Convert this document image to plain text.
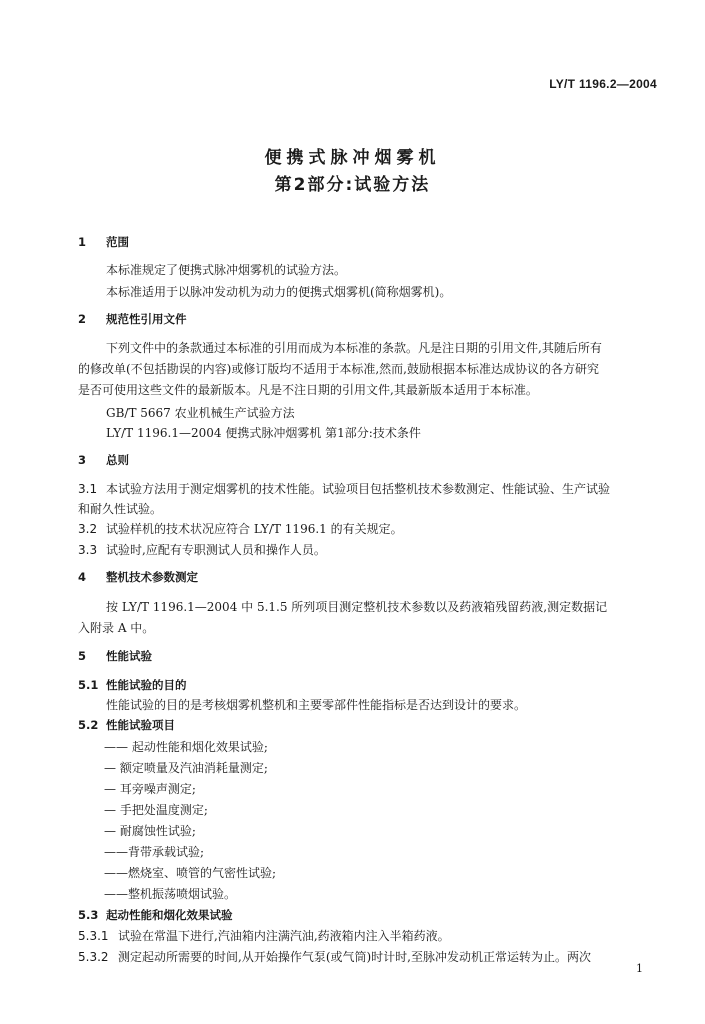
LY/T 1196.2—2004
便携式脉冲烟雾机
第2部分:试验方法
1 范围
本标准规定了便携式脉冲烟雾机的试验方法。
本标准适用于以脉冲发动机为动力的便携式烟雾机(简称烟雾机)。
2 规范性引用文件
下列文件中的条款通过本标准的引用而成为本标准的条款。凡是注日期的引用文件,其随后所有
的修改单(不包括勘误的内容)或修订版均不适用于本标准,然而,鼓励根据本标准达成协议的各方研究
是否可使用这些文件的最新版本。凡是不注日期的引用文件,其最新版本适用于本标准。
GB/T 5667 农业机械生产试验方法
LY/T 1196.1—2004 便携式脉冲烟雾机 第1部分:技术条件
3 总则
3.1 本试验方法用于测定烟雾机的技术性能。试验项目包括整机技术参数测定、性能试验、生产试验
和耐久性试验。
3.2 试验样机的技术状况应符合 LY/T 1196.1 的有关规定。
3.3 试验时,应配有专职测试人员和操作人员。
4 整机技术参数测定
按 LY/T 1196.1—2004 中 5.1.5 所列项目测定整机技术参数以及药液箱残留药液,测定数据记
入附录 A 中。
5 性能试验
5.1 性能试验的目的
性能试验的目的是考核烟雾机整机和主要零部件性能指标是否达到设计的要求。
5.2 性能试验项目
—— 起动性能和烟化效果试验;
— 额定喷量及汽油消耗量测定;
— 耳旁噪声测定;
— 手把处温度测定;
— 耐腐蚀性试验;
——背带承载试验;
——燃烧室、喷管的气密性试验;
——整机振荡喷烟试验。
5.3 起动性能和烟化效果试验
5.3.1 试验在常温下进行,汽油箱内注满汽油,药液箱内注入半箱药液。
5.3.2 测定起动所需要的时间,从开始操作气泵(或气筒)时计时,至脉冲发动机正常运转为止。两次
1
